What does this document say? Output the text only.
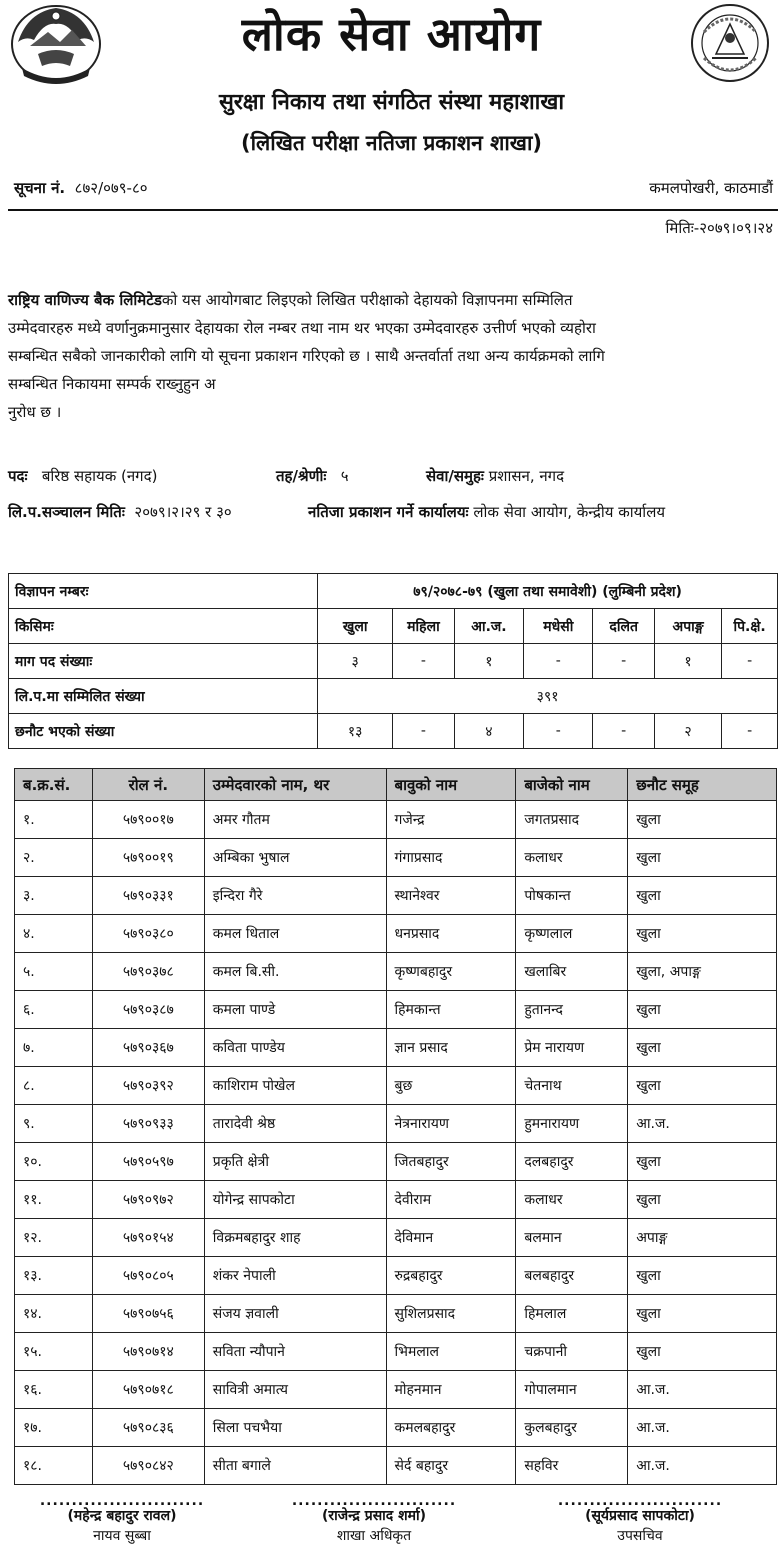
लोक सेवा आयोग
सुरक्षा निकाय तथा संगठित संस्था महाशाखा
(लिखित परीक्षा नतिजा प्रकाशन शाखा)
सूचना नं. ८७२/०७९-८०	कमलपोखरी, काठमाडौं
मितिः-२०७९।०९।२४
राष्ट्रिय वाणिज्य बैक लिमिटेडको यस आयोगबाट लिइएको लिखित परीक्षाको देहायको विज्ञापनमा सम्मिलित
उम्मेदवारहरु मध्ये वर्णानुक्रमानुसार देहायका रोल नम्बर तथा नाम थर भएका उम्मेदवारहरु उत्तीर्ण भएको व्यहोरा
सम्बन्धित सबैको जानकारीको लागि यो सूचना प्रकाशन गरिएको छ । साथै अन्तर्वार्ता तथा अन्य कार्यक्रमको लागि
सम्बन्धित निकायमा सम्पर्क राख्नुहुन अ
नुरोध छ ।
पदः बरिष्ठ सहायक (नगद)	तह/श्रेणीः ५	सेवा/समुहः प्रशासन, नगद
लि.प.सञ्चालन मितिः २०७९।२।२९ र ३०	नतिजा प्रकाशन गर्ने कार्यालयः लोक सेवा आयोग, केन्द्रीय कार्यालय
विज्ञापन नम्बरः	७९/२०७८-७९ (खुला तथा समावेशी) (लुम्बिनी प्रदेश)						
किसिमः	खुला	महिला	आ.ज.	मधेसी	दलित	अपाङ्ग	पि.क्षे.
माग पद संख्याः	३	-	१	-	-	१	-
लि.प.मा सम्मिलित संख्या	३९१						
छनौट भएको संख्या	१३	-	४	-	-	२	-
ब.क्र.सं.	रोल नं.	उम्मेदवारको नाम, थर	बावुको नाम	बाजेको नाम	छनौट समूह
१.	५७९००१७	अमर गौतम	गजेन्द्र	जगतप्रसाद	खुला
२.	५७९००१९	अम्बिका भुषाल	गंगाप्रसाद	कलाधर	खुला
३.	५७९०३३१	इन्दिरा गैरे	स्थानेश्वर	पोषकान्त	खुला
४.	५७९०३८०	कमल धिताल	धनप्रसाद	कृष्णलाल	खुला
५.	५७९०३७८	कमल बि.सी.	कृष्णबहादुर	खलाबिर	खुला, अपाङ्ग
६.	५७९०३८७	कमला पाण्डे	हिमकान्त	हुतानन्द	खुला
७.	५७९०३६७	कविता पाण्डेय	ज्ञान प्रसाद	प्रेम नारायण	खुला
८.	५७९०३९२	काशिराम पोखेल	बुछ	चेतनाथ	खुला
९.	५७९०९३३	तारादेवी श्रेष्ठ	नेत्रनारायण	हुमनारायण	आ.ज.
१०.	५७९०५९७	प्रकृति क्षेत्री	जितबहादुर	दलबहादुर	खुला
११.	५७९०९७२	योगेन्द्र सापकोटा	देवीराम	कलाधर	खुला
१२.	५७९०१५४	विक्रमबहादुर शाह	देविमान	बलमान	अपाङ्ग
१३.	५७९०८०५	शंकर नेपाली	रुद्रबहादुर	बलबहादुर	खुला
१४.	५७९०७५६	संजय ज्ञवाली	सुशिलप्रसाद	हिमलाल	खुला
१५.	५७९०७१४	सविता न्यौपाने	भिमलाल	चक्रपानी	खुला
१६.	५७९०७१८	सावित्री अमात्य	मोहनमान	गोपालमान	आ.ज.
१७.	५७९०८३६	सिला पचभैया	कमलबहादुर	कुलबहादुर	आ.ज.
१८.	५७९०८४२	सीता बगाले	सेर्द बहादुर	सहविर	आ.ज.
..........................
(महेन्द्र बहादुर रावल)
नायव सुब्बा
..........................
(राजेन्द्र प्रसाद शर्मा)
शाखा अधिकृत
..........................
(सूर्यप्रसाद सापकोटा)
उपसचिव
